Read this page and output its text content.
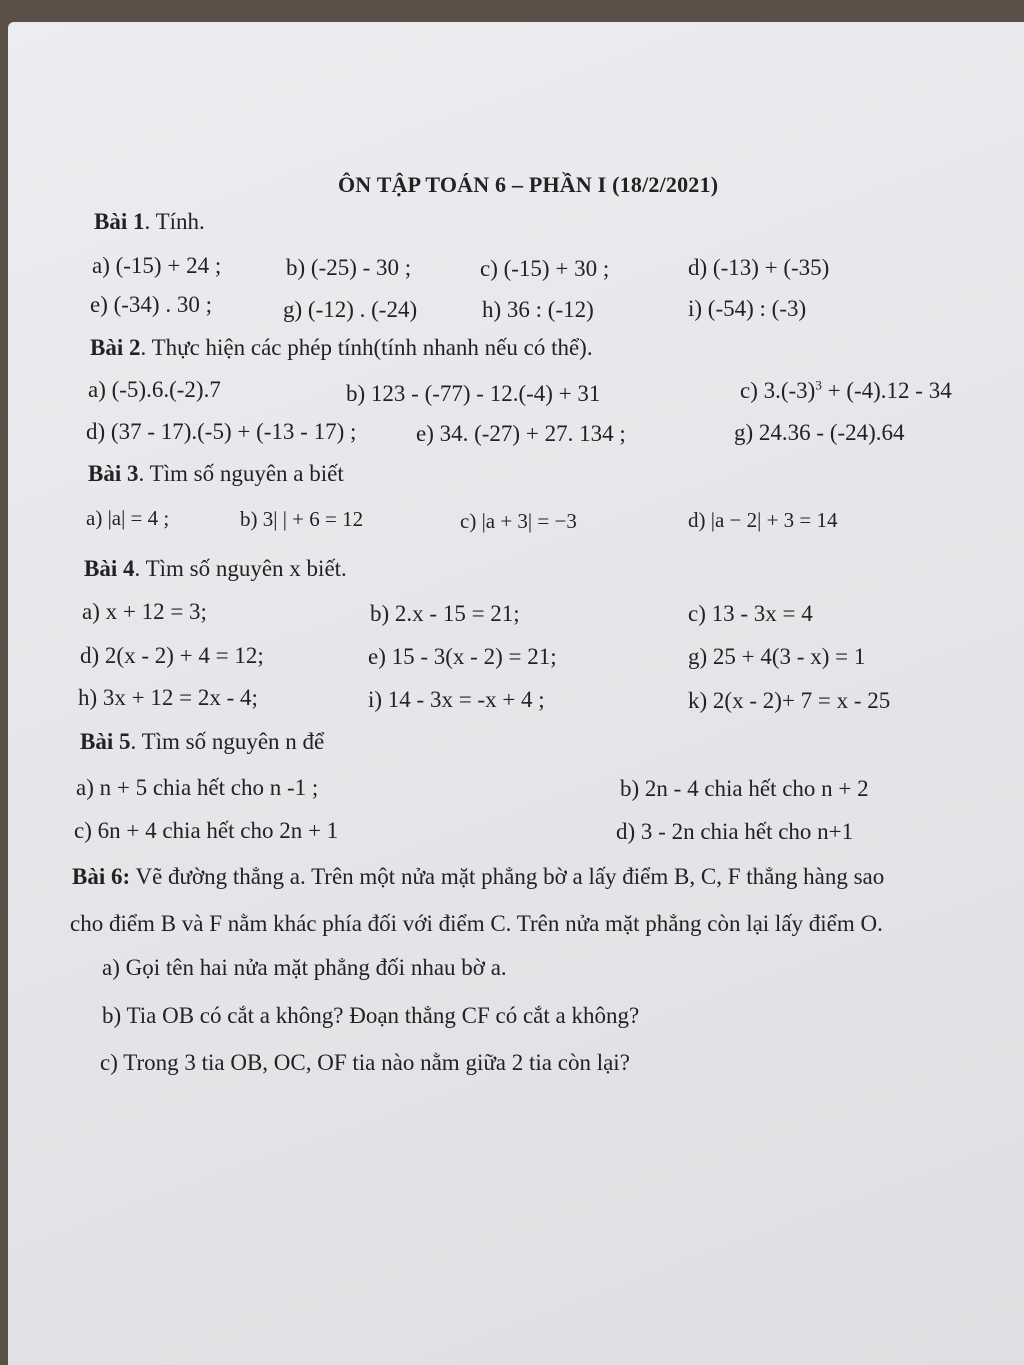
ÔN TẬP TOÁN 6 – PHẦN I (18/2/2021)
Bài 1. Tính.
a) (-15) + 24 ;	b) (-25) - 30 ;	c) (-15) + 30 ;	d) (-13) + (-35)
e) (-34) . 30 ;	g) (-12) . (-24)	h) 36 : (-12)	i) (-54) : (-3)
Bài 2. Thực hiện các phép tính(tính nhanh nếu có thể).
a) (-5).6.(-2).7	b) 123 - (-77) - 12.(-4) + 31	c) $3.(-3)^3 + (-4).12 - 34$
d) (37 - 17).(-5) + (-13 - 17) ;	e) 34. (-27) + 27. 134 ;	g) 24.36 - (-24).64
Bài 3. Tìm số nguyên a biết
a) |a| = 4 ;	b) 3| | + 6 = 12	c) |a + 3| = −3	d) |a − 2| + 3 = 14
Bài 4. Tìm số nguyên x biết.
a) x + 12 = 3;	b) 2.x - 15 = 21;	c) 13 - 3x = 4
d) 2(x - 2) + 4 = 12;	e) 15 - 3(x - 2) = 21;	g) 25 + 4(3 - x) = 1
h) 3x + 12 = 2x - 4;	i) 14 - 3x = -x + 4 ;	k) 2(x - 2)+ 7 = x - 25
Bài 5. Tìm số nguyên n để
a) n + 5 chia hết cho n -1 ;	b) 2n - 4 chia hết cho n + 2
c) 6n + 4 chia hết cho 2n + 1	d) 3 - 2n chia hết cho n+1
Bài 6: Vẽ đường thẳng a. Trên một nửa mặt phẳng bờ a lấy điểm B, C, F thẳng hàng sao
cho điểm B và F nằm khác phía đối với điểm C. Trên nửa mặt phẳng còn lại lấy điểm O.
a) Gọi tên hai nửa mặt phẳng đối nhau bờ a.
b) Tia OB có cắt a không? Đoạn thẳng CF có cắt a không?
c) Trong 3 tia OB, OC, OF tia nào nằm giữa 2 tia còn lại?
